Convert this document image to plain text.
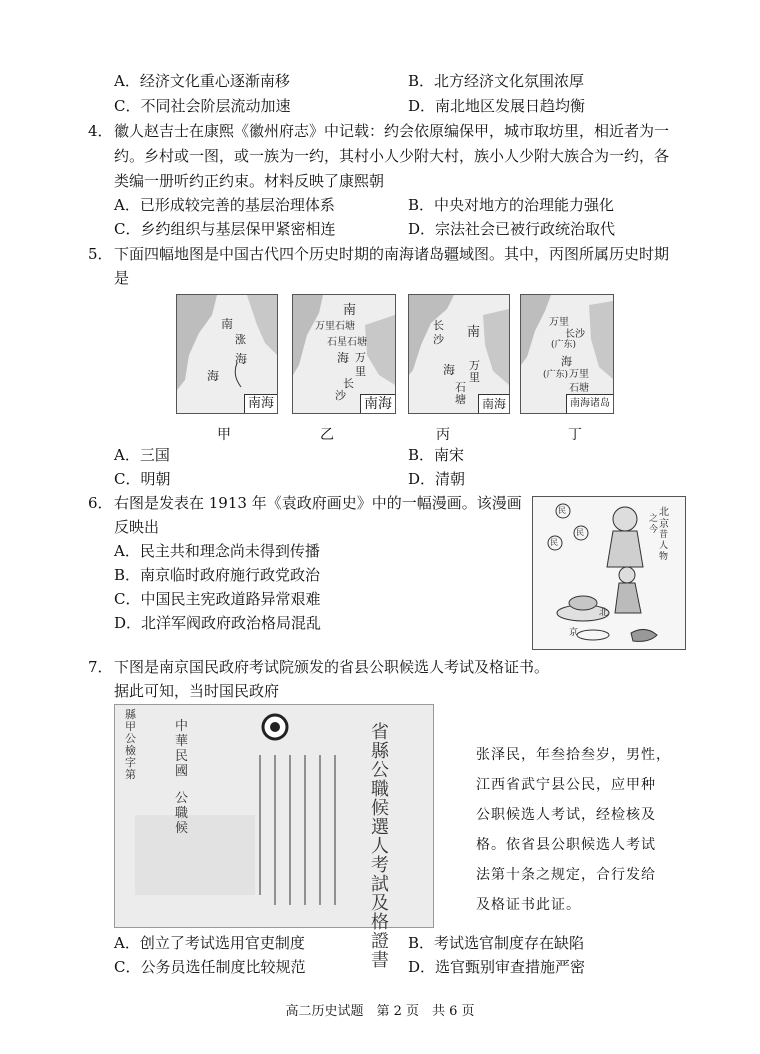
A．经济文化重心逐渐南移	B．北方经济文化氛围浓厚
C．不同社会阶层流动加速	D．南北地区发展日趋均衡
4．徽人赵吉士在康熙《徽州府志》中记载：约会依原编保甲，城市取坊里，相近者为一
约。乡村或一图，或一族为一约，其村小人少附大村，族小人少附大族合为一约，各
类编一册听约正约束。材料反映了康熙朝
A．已形成较完善的基层治理体系	B．中央对地方的治理能力强化
C．乡约组织与基层保甲紧密相连	D．宗法社会已被行政统治取代
5．下面四幅地图是中国古代四个历史时期的南海诸岛疆域图。其中，丙图所属历史时期
是
南
涨
海
海
南海
甲
南
万里石塘
石星石塘
海 万
里
长
沙
南海
乙
长
沙 南
海 万
里
石
塘	南海
丙
万里
长沙
(广东)
海
(广东) 万里
石塘
南海诸岛
丁
A．三国	B．南宋
C．明朝	D．清朝
6．右图是发表在 1913 年《袁政府画史》中的一幅漫画。该漫画
反映出
A．民主共和理念尚未得到传播
B．南京临时政府施行政党政治
C．中国民主宪政道路异常艰难
D．北洋军阀政府政治格局混乱
北
京
之
今 昔
人
物
民
民
民
京
北
7．下图是南京国民政府考试院颁发的省县公职候选人考试及格证书。
据此可知，当时国民政府
省縣公職候選人考試及格證書
中華民國
公職候
縣甲公檢字第
张泽民，年叁拾叁岁，男性，
江西省武宁县公民，应甲种
公职候选人考试，经检核及
格。依省县公职候选人考试
法第十条之规定，合行发给
及格证书此证。
A．创立了考试选用官吏制度	B．考试选官制度存在缺陷
C．公务员选任制度比较规范	D．选官甄别审查措施严密
高二历史试题　第 2 页　共 6 页
